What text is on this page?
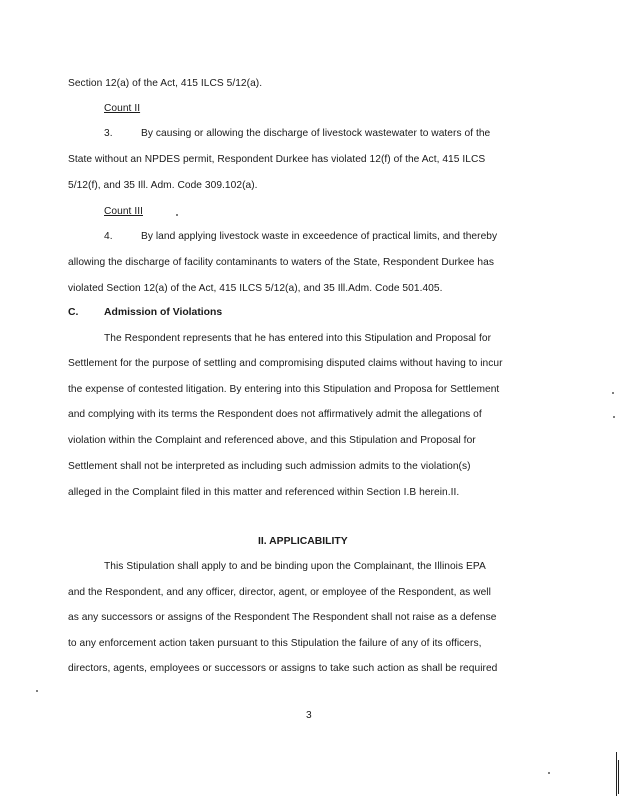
Section 12(a) of the Act, 415 ILCS 5/12(a).
Count II
3.	By causing or allowing the discharge of livestock wastewater to waters of the
State without an NPDES permit, Respondent Durkee has violated 12(f) of the Act, 415 ILCS
5/12(f), and 35 Ill. Adm. Code 309.102(a).
Count III
4.	By land applying livestock waste in exceedence of practical limits, and thereby
allowing the discharge of facility contaminants to waters of the State, Respondent Durkee has
violated Section 12(a) of the Act, 415 ILCS 5/12(a), and 35 Ill.Adm. Code 501.405.
C. Admission of Violations
The Respondent represents that he has entered into this Stipulation and Proposal for
Settlement for the purpose of settling and compromising disputed claims without having to incur
the expense of contested litigation. By entering into this Stipulation and Proposa for Settlement
and complying with its terms the Respondent does not affirmatively admit the allegations of
violation within the Complaint and referenced above, and this Stipulation and Proposal for
Settlement shall not be interpreted as including such admission admits to the violation(s)
alleged in the Complaint filed in this matter and referenced within Section I.B herein.II.
II. APPLICABILITY
This Stipulation shall apply to and be binding upon the Complainant, the Illinois EPA
and the Respondent, and any officer, director, agent, or employee of the Respondent, as well
as any successors or assigns of the Respondent The Respondent shall not raise as a defense
to any enforcement action taken pursuant to this Stipulation the failure of any of its officers,
directors, agents, employees or successors or assigns to take such action as shall be required
3
